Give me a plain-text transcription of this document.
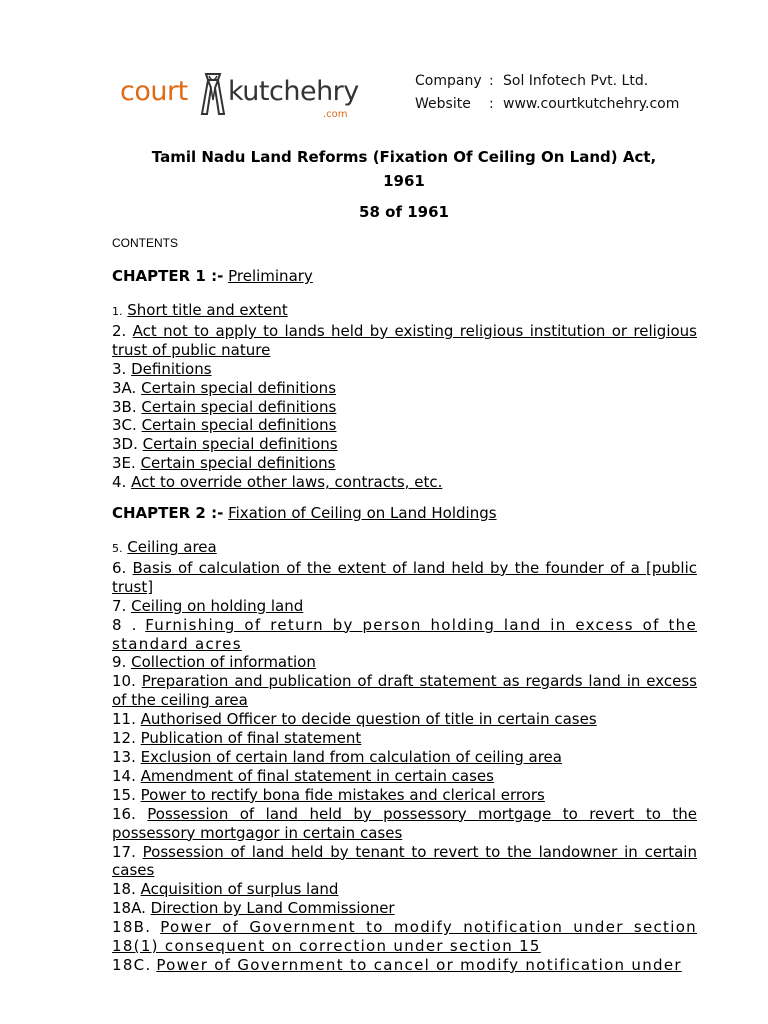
court kutchehry
.com
Company : Sol Infotech Pvt. Ltd.
Website : www.courtkutchehry.com
Tamil Nadu Land Reforms (Fixation Of Ceiling On Land) Act,
1961
58 of 1961
CONTENTS
CHAPTER 1 :- Preliminary
1. Short title and extent
2. Act not to apply to lands held by existing religious institution or religious trust of public nature
3. Definitions
3A. Certain special definitions
3B. Certain special definitions
3C. Certain special definitions
3D. Certain special definitions
3E. Certain special definitions
4. Act to override other laws, contracts, etc.
CHAPTER 2 :- Fixation of Ceiling on Land Holdings
5. Ceiling area
6. Basis of calculation of the extent of land held by the founder of a [public trust]
7. Ceiling on holding land
8 . Furnishing of return by person holding land in excess of the standard acres
9. Collection of information
10. Preparation and publication of draft statement as regards land in excess of the ceiling area
11. Authorised Officer to decide question of title in certain cases
12. Publication of final statement
13. Exclusion of certain land from calculation of ceiling area
14. Amendment of final statement in certain cases
15. Power to rectify bona fide mistakes and clerical errors
16. Possession of land held by possessory mortgage to revert to the possessory mortgagor in certain cases
17. Possession of land held by tenant to revert to the landowner in certain cases
18. Acquisition of surplus land
18A. Direction by Land Commissioner
18B. Power of Government to modify notification under section 18(1) consequent on correction under section 15
18C. Power of Government to cancel or modify notification under
